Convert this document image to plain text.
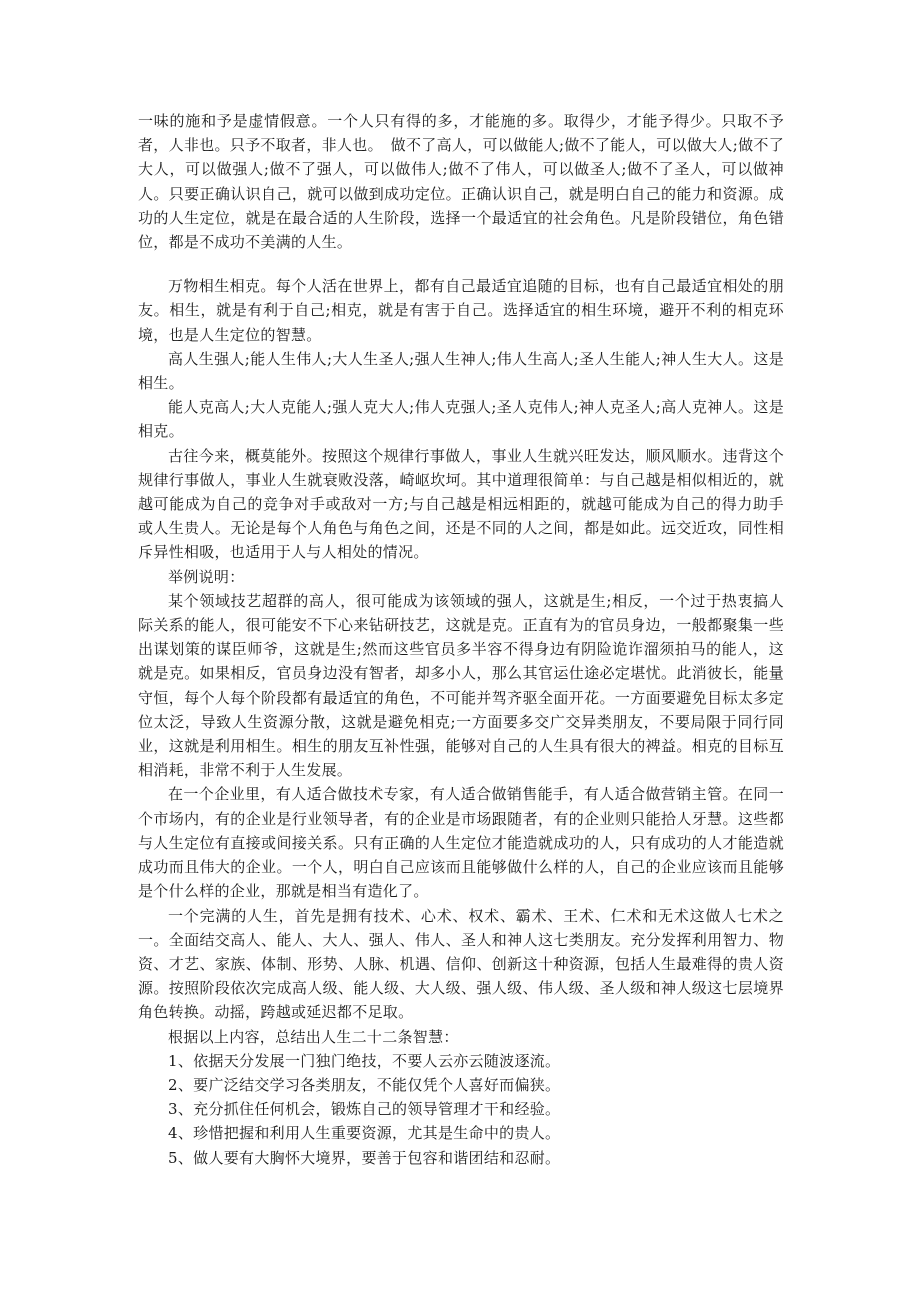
一味的施和予是虚情假意。一个人只有得的多，才能施的多。取得少，才能予得少。只取不予者，人非也。只予不取者，非人也。　做不了高人，可以做能人;做不了能人，可以做大人;做不了大人，可以做强人;做不了强人，可以做伟人;做不了伟人，可以做圣人;做不了圣人，可以做神人。只要正确认识自己，就可以做到成功定位。正确认识自己，就是明白自己的能力和资源。成功的人生定位，就是在最合适的人生阶段，选择一个最适宜的社会角色。凡是阶段错位，角色错位，都是不成功不美满的人生。

万物相生相克。每个人活在世界上，都有自己最适宜追随的目标，也有自己最适宜相处的朋友。相生，就是有利于自己;相克，就是有害于自己。选择适宜的相生环境，避开不利的相克环境，也是人生定位的智慧。

高人生强人;能人生伟人;大人生圣人;强人生神人;伟人生高人;圣人生能人;神人生大人。这是相生。

能人克高人;大人克能人;强人克大人;伟人克强人;圣人克伟人;神人克圣人;高人克神人。这是相克。

古往今来，概莫能外。按照这个规律行事做人，事业人生就兴旺发达，顺风顺水。违背这个规律行事做人，事业人生就衰败没落，崎岖坎坷。其中道理很简单：与自己越是相似相近的，就越可能成为自己的竞争对手或敌对一方;与自己越是相远相距的，就越可能成为自己的得力助手或人生贵人。无论是每个人角色与角色之间，还是不同的人之间，都是如此。远交近攻，同性相斥异性相吸，也适用于人与人相处的情况。

举例说明：

某个领域技艺超群的高人，很可能成为该领域的强人，这就是生;相反，一个过于热衷搞人际关系的能人，很可能安不下心来钻研技艺，这就是克。正直有为的官员身边，一般都聚集一些出谋划策的谋臣师爷，这就是生;然而这些官员多半容不得身边有阴险诡诈溜须拍马的能人，这就是克。如果相反，官员身边没有智者，却多小人，那么其官运仕途必定堪忧。此消彼长，能量守恒，每个人每个阶段都有最适宜的角色，不可能并驾齐驱全面开花。一方面要避免目标太多定位太泛，导致人生资源分散，这就是避免相克;一方面要多交广交异类朋友，不要局限于同行同业，这就是利用相生。相生的朋友互补性强，能够对自己的人生具有很大的裨益。相克的目标互相消耗，非常不利于人生发展。

在一个企业里，有人适合做技术专家，有人适合做销售能手，有人适合做营销主管。在同一个市场内，有的企业是行业领导者，有的企业是市场跟随者，有的企业则只能拾人牙慧。这些都与人生定位有直接或间接关系。只有正确的人生定位才能造就成功的人，只有成功的人才能造就成功而且伟大的企业。一个人，明白自己应该而且能够做什么样的人，自己的企业应该而且能够是个什么样的企业，那就是相当有造化了。

一个完满的人生，首先是拥有技术、心术、权术、霸术、王术、仁术和无术这做人七术之一。全面结交高人、能人、大人、强人、伟人、圣人和神人这七类朋友。充分发挥利用智力、物资、才艺、家族、体制、形势、人脉、机遇、信仰、创新这十种资源，包括人生最难得的贵人资源。按照阶段依次完成高人级、能人级、大人级、强人级、伟人级、圣人级和神人级这七层境界角色转换。动摇，跨越或延迟都不足取。

根据以上内容，总结出人生二十二条智慧：

1、依据天分发展一门独门绝技，不要人云亦云随波逐流。

2、要广泛结交学习各类朋友，不能仅凭个人喜好而偏狭。

3、充分抓住任何机会，锻炼自己的领导管理才干和经验。

4、珍惜把握和利用人生重要资源，尤其是生命中的贵人。

5、做人要有大胸怀大境界，要善于包容和谐团结和忍耐。
